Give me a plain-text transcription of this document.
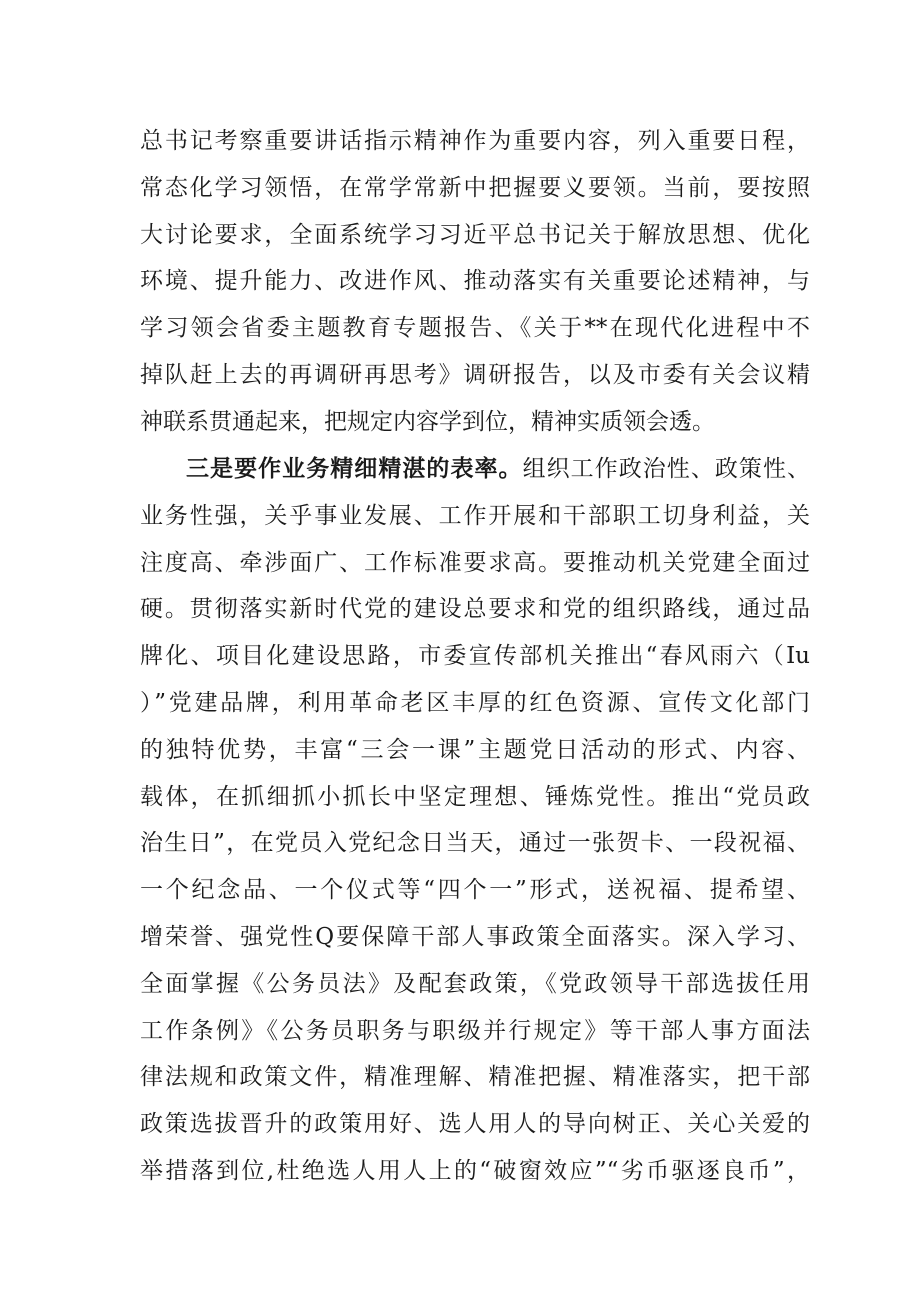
总书记考察重要讲话指示精神作为重要内容，列入重要日程，
常态化学习领悟，在常学常新中把握要义要领。当前，要按照
大讨论要求，全面系统学习习近平总书记关于解放思想、优化
环境、提升能力、改进作风、推动落实有关重要论述精神，与
学习领会省委主题教育专题报告、《关于**在现代化进程中不
掉队赶上去的再调研再思考》调研报告，以及市委有关会议精
神联系贯通起来，把规定内容学到位，精神实质领会透。
三是要作业务精细精湛的表率。组织工作政治性、政策性、
业务性强，关乎事业发展、工作开展和干部职工切身利益，关
注度高、牵涉面广、工作标准要求高。要推动机关党建全面过
硬。贯彻落实新时代党的建设总要求和党的组织路线，通过品
牌化、项目化建设思路，市委宣传部机关推出“春风雨六（Iu
）”党建品牌，利用革命老区丰厚的红色资源、宣传文化部门
的独特优势，丰富“三会一课”主题党日活动的形式、内容、
载体，在抓细抓小抓长中坚定理想、锤炼党性。推出“党员政
治生日”，在党员入党纪念日当天，通过一张贺卡、一段祝福、
一个纪念品、一个仪式等“四个一”形式，送祝福、提希望、
增荣誉、强党性Q要保障干部人事政策全面落实。深入学习、
全面掌握《公务员法》及配套政策，《党政领导干部选拔任用
工作条例》《公务员职务与职级并行规定》等干部人事方面法
律法规和政策文件，精准理解、精准把握、精准落实，把干部
政策选拔晋升的政策用好、选人用人的导向树正、关心关爱的
举措落到位,杜绝选人用人上的“破窗效应”“劣币驱逐良币”，
